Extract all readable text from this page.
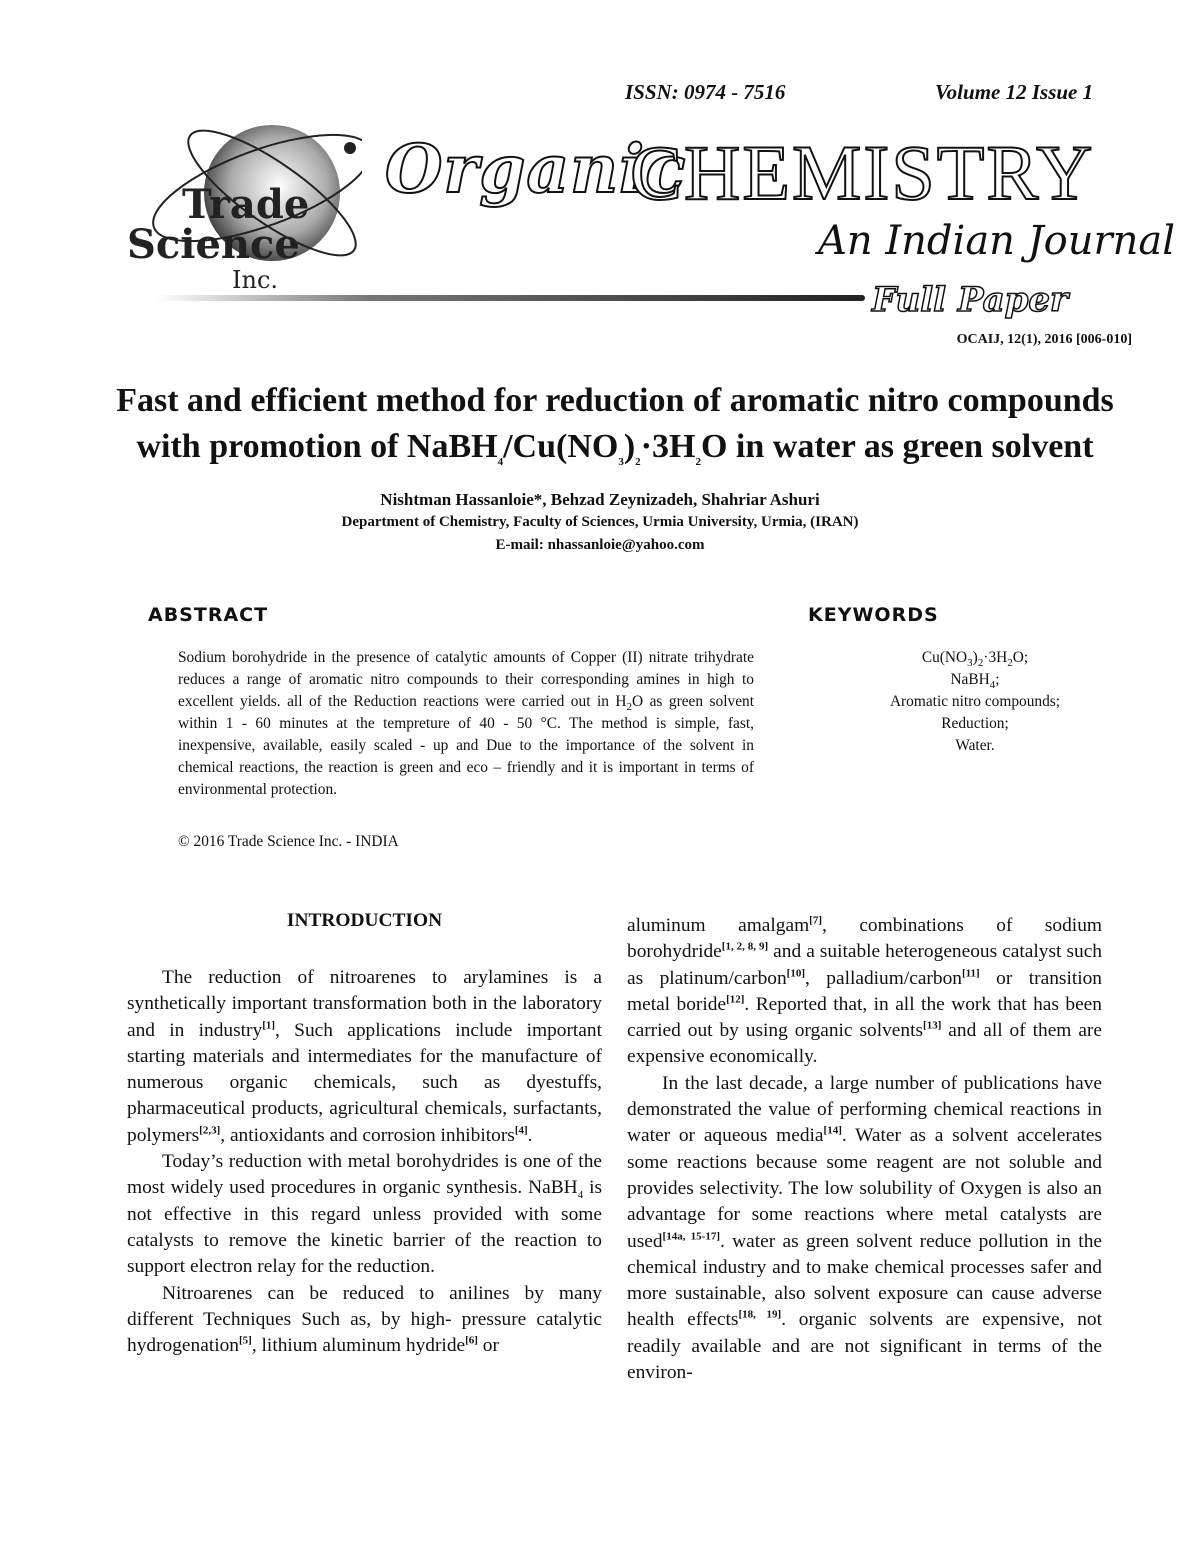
ISSN: 0974 - 7516	Volume 12 Issue 1
Trade
Science
Inc.
Organic
CHEMISTRY
An Indian Journal
Full Paper
OCAIJ, 12(1), 2016 [006-010]
Fast and efficient method for reduction of aromatic nitro compounds
with promotion of $NaBH_4/Cu(NO_3)_2\cdot 3H_2O$ in water as green solvent
Nishtman Hassanloie*, Behzad Zeynizadeh, Shahriar Ashuri
Department of Chemistry, Faculty of Sciences, Urmia University, Urmia, (IRAN)
E-mail: nhassanloie@yahoo.com
ABSTRACT	KEYWORDS
Sodium borohydride in the presence of catalytic amounts of Copper (II) nitrate trihydrate reduces a range of aromatic nitro compounds to their corresponding amines in high to excellent yields. all of the Reduction reactions were carried out in $H_2O$ as green solvent within 1 - 60 minutes at the tempreture of 40 - 50 °C. The method is simple, fast, inexpensive, available, easily scaled - up and Due to the importance of the solvent in chemical reactions, the reaction is green and eco – friendly and it is important in terms of environmental protection.
© 2016 Trade Science Inc. - INDIA
$Cu(NO_3)_2\cdot 3H_2O$;
NaBH$_4$;
Aromatic nitro compounds;
Reduction;
Water.
INTRODUCTION

The reduction of nitroarenes to arylamines is a synthetically important transformation both in the laboratory and in industry[1], Such applications include important starting materials and intermediates for the manufacture of numerous organic chemicals, such as dyestuffs, pharmaceutical products, agricultural chemicals, surfactants, polymers[2,3], antioxidants and corrosion inhibitors[4].

Today’s reduction with metal borohydrides is one of the most widely used procedures in organic synthesis. NaBH$_4$ is not effective in this regard unless provided with some catalysts to remove the kinetic barrier of the reaction to support electron relay for the reduction.

Nitroarenes can be reduced to anilines by many different Techniques Such as, by high- pressure catalytic hydrogenation[5], lithium aluminum hydride[6] or

aluminum amalgam[7], combinations of sodium borohydride[1, 2, 8, 9] and a suitable heterogeneous catalyst such as platinum/carbon[10], palladium/carbon[11] or transition metal boride[12]. Reported that, in all the work that has been carried out by using organic solvents[13] and all of them are expensive economically.

In the last decade, a large number of publications have demonstrated the value of performing chemical reactions in water or aqueous media[14]. Water as a solvent accelerates some reactions because some reagent are not soluble and provides selectivity. The low solubility of Oxygen is also an advantage for some reactions where metal catalysts are used[14a, 15-17]. water as green solvent reduce pollution in the chemical industry and to make chemical processes safer and more sustainable, also solvent exposure can cause adverse health effects[18, 19]. organic solvents are expensive, not readily available and are not significant in terms of the environ-
